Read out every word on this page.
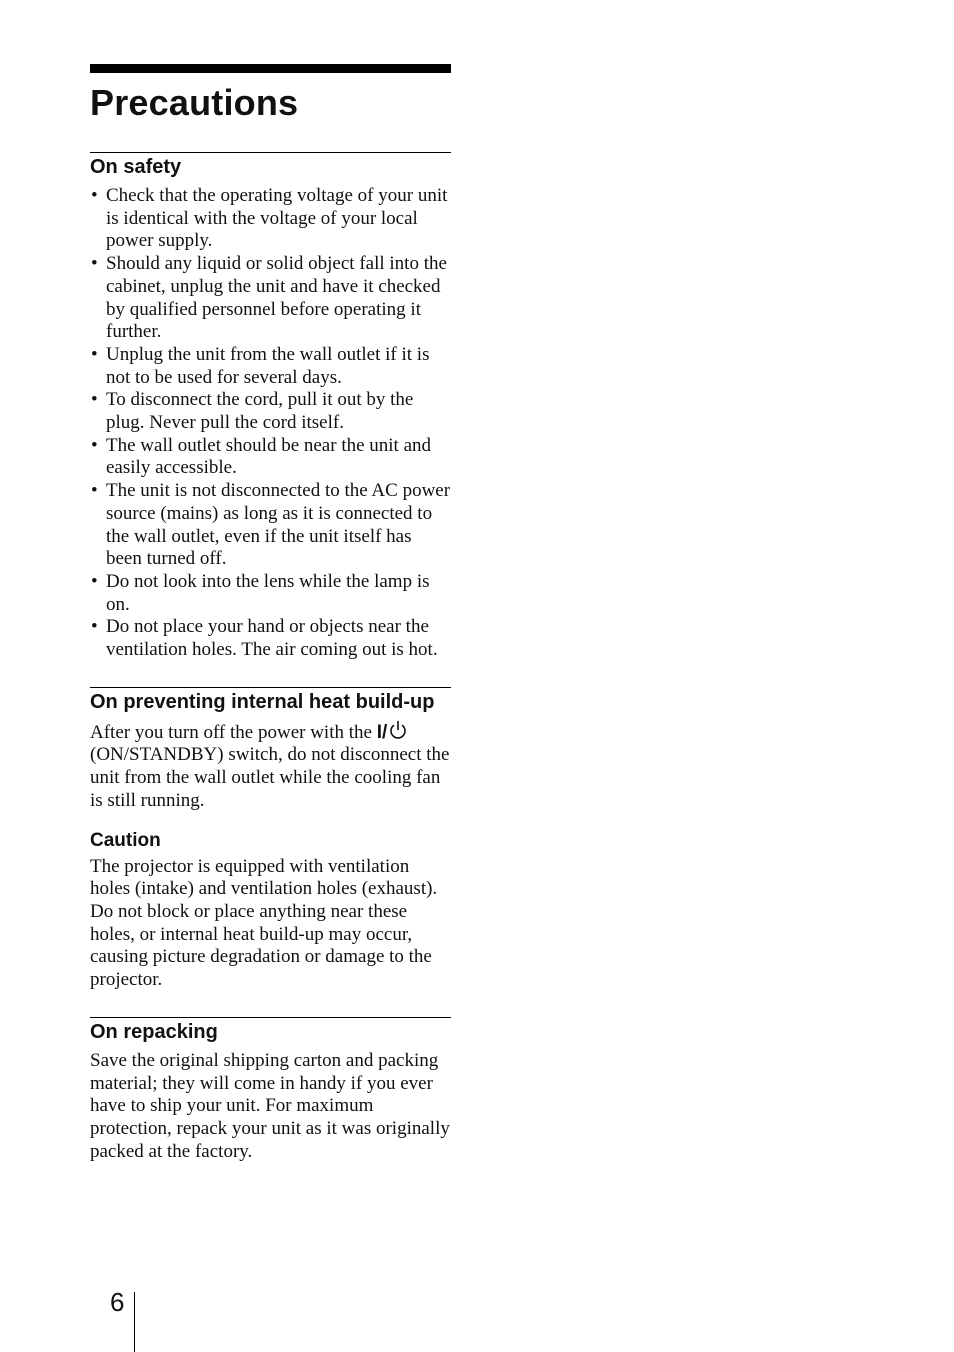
Precautions
On safety
• Check that the operating voltage of your unit is identical with the voltage of your local power supply.
• Should any liquid or solid object fall into the cabinet, unplug the unit and have it checked by qualified personnel before operating it further.
• Unplug the unit from the wall outlet if it is not to be used for several days.
• To disconnect the cord, pull it out by the plug. Never pull the cord itself.
• The wall outlet should be near the unit and easily accessible.
• The unit is not disconnected to the AC power source (mains) as long as it is connected to the wall outlet, even if the unit itself has been turned off.
• Do not look into the lens while the lamp is on.
• Do not place your hand or objects near the ventilation holes. The air coming out is hot.
On preventing internal heat build-up

After you turn off the power with the I/ (ON/STANDBY) switch, do not disconnect the unit from the wall outlet while the cooling fan is still running.

Caution

The projector is equipped with ventilation holes (intake) and ventilation holes (exhaust). Do not block or place anything near these holes, or internal heat build-up may occur, causing picture degradation or damage to the projector.

On repacking

Save the original shipping carton and packing material; they will come in handy if you ever have to ship your unit. For maximum protection, repack your unit as it was originally packed at the factory.

6
